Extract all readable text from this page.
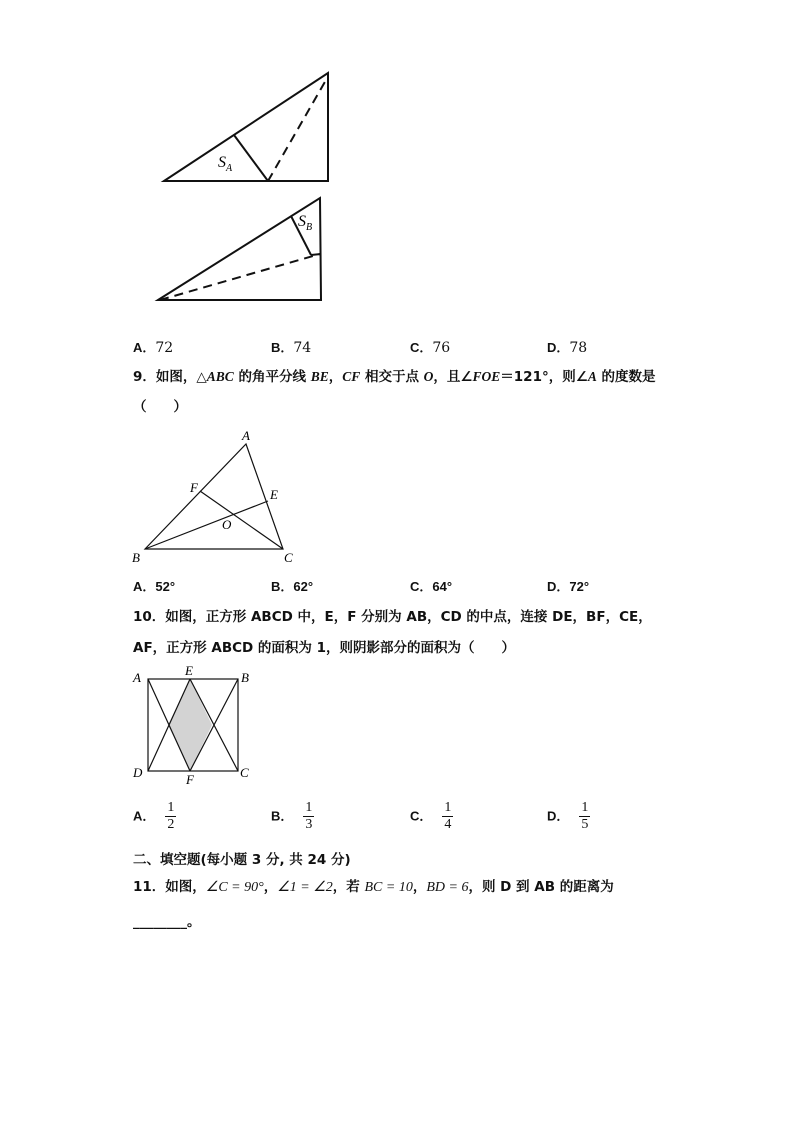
$S_A$
$S_B$
A．72	B．74	C．76	D．78
9．如图，△ABC 的角平分线 BE，CF 相交于点 O，且∠FOE＝121°，则∠A 的度数是
（　　）
A
B	C
E
F
O
A．52°	B．62°	C．64°	D．72°
10．如图，正方形 ABCD 中，E，F 分别为 AB，CD 的中点，连接 DE，BF，CE，
AF，正方形 ABCD 的面积为 1，则阴影部分的面积为（　　）
A	B
C
D
E
F
A． $\frac{1}{2}$	B． $\frac{1}{3}$	C． $\frac{1}{4}$	D． $\frac{1}{5}$
二、填空题(每小题 3 分, 共 24 分)
11．如图，∠C = 90°，∠1 = ∠2，若 BC = 10，BD = 6，则 D 到 AB 的距离为
________。
